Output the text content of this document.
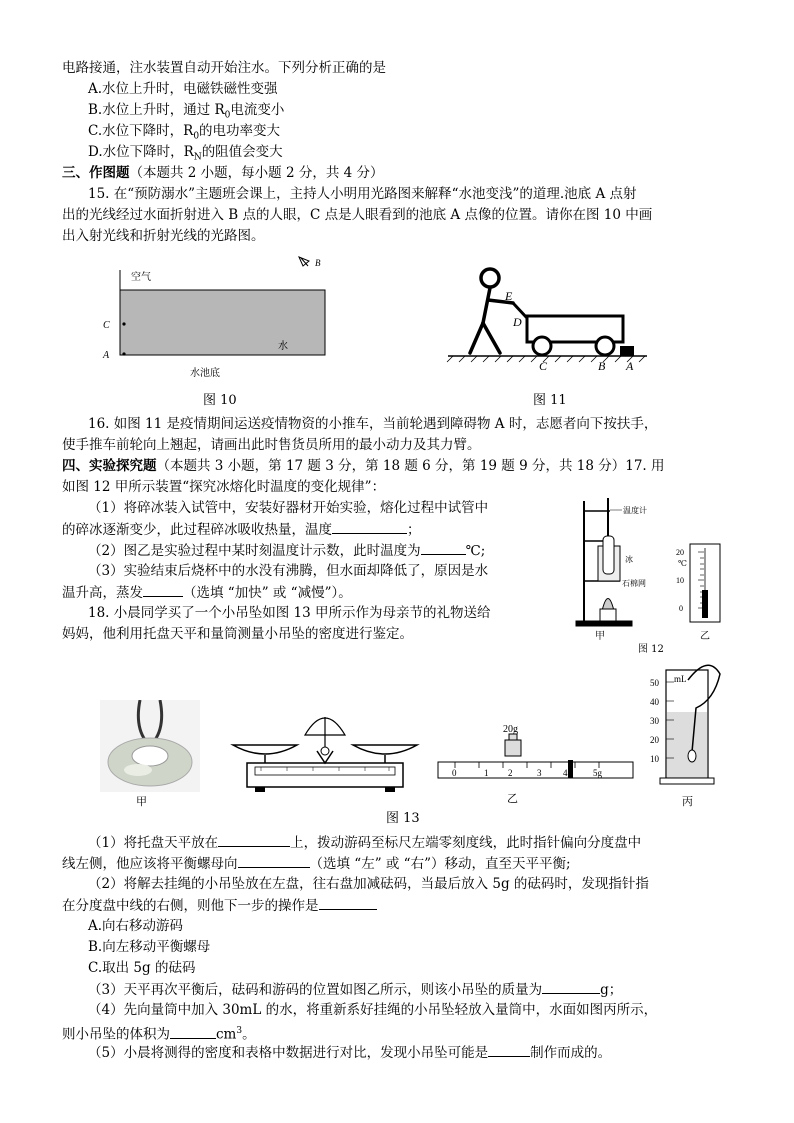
电路接通，注水装置自动开始注水。下列分析正确的是
A.水位上升时，电磁铁磁性变强
B.水位上升时，通过 $R_0$电流变小
C.水位下降时，$R_0$的电功率变大
D.水位下降时，$R_N$的阻值会变大
三、作图题（本题共 2 小题，每小题 2 分，共 4 分）
15. 在“预防溺水”主题班会课上，主持人小明用光路图来解释“水池变浅”的道理.池底 A 点射
出的光线经过水面折射进入 B 点的人眼，C 点是人眼看到的池底 A 点像的位置。请你在图 10 中画
出入射光线和折射光线的光路图。
空气
水
水池底
C
A
B
图 10
E
D
C	B A
图 11
16. 如图 11 是疫情期间运送疫情物资的小推车，当前轮遇到障碍物 A 时，志愿者向下按扶手，
使手推车前轮向上翘起，请画出此时售货员所用的最小动力及其力臂。
四、实验探究题（本题共 3 小题，第 17 题 3 分，第 18 题 6 分，第 19 题 9 分，共 18 分）17. 用
如图 12 甲所示装置“探究冰熔化时温度的变化规律”：
（1）将碎冰装入试管中，安装好器材开始实验，熔化过程中试管中
的碎冰逐渐变少，此过程碎冰吸收热量，温度	；
（2）图乙是实验过程中某时刻温度计示数，此时温度为	℃;
（3）实验结束后烧杯中的水没有沸腾，但水面却降低了，原因是水
温升高，蒸发	（选填 “加快” 或 “减慢”）。
温度计
冰
石棉网
甲
20
℃
10
0
乙
图 12
18. 小晨同学买了一个小吊坠如图 13 甲所示作为母亲节的礼物送给
妈妈，他利用托盘天平和量筒测量小吊坠的密度进行鉴定。
甲
20g
0	1 2	3 4	5g
乙
50
40
30
20
10
mL
丙
图 13
（1）将托盘天平放在	上，拨动游码至标尺左端零刻度线，此时指针偏向分度盘中
线左侧，他应该将平衡螺母向	（选填 “左” 或 “右”）移动，直至天平平衡;
（2）将解去挂绳的小吊坠放在左盘，往右盘加减砝码，当最后放入 5g 的砝码时，发现指针指
在分度盘中线的右侧，则他下一步的操作是
A.向右移动游码
B.向左移动平衡螺母
C.取出 5g 的砝码
（3）天平再次平衡后，砝码和游码的位置如图乙所示，则该小吊坠的质量为	g；
（4）先向量筒中加入 30mL 的水，将重新系好挂绳的小吊坠轻放入量筒中，水面如图丙所示，
则小吊坠的体积为	$cm^3$。
（5）小晨将测得的密度和表格中数据进行对比，发现小吊坠可能是	制作而成的。
